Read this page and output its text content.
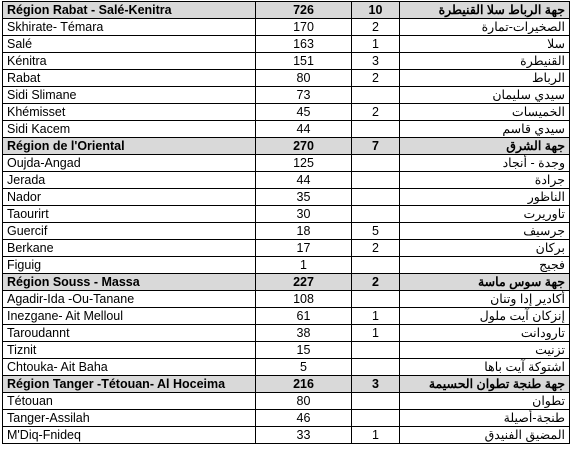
Région Rabat - Salé-Kenitra	726	10	جهة الرباط سلا القنيطرة
Skhirate- Témara	170	2	الصخيرات-تمارة
Salé	163	1	سلا
Kénitra	151	3	القنيطرة
Rabat	80	2	الرباط
Sidi Slimane	73		سيدي سليمان
Khémisset	45	2	الخميسات
Sidi Kacem	44		سيدي قاسم
Région de l'Oriental	270	7	جهة الشرق
Oujda-Angad	125		وجدة - أنجاد
Jerada	44		جرادة
Nador	35		الناظور
Taourirt	30		تاوريرت
Guercif	18	5	جرسيف
Berkane	17	2	بركان
Figuig	1		فجيج
Région Souss - Massa	227	2	جهة سوس ماسة
Agadir-Ida -Ou-Tanane	108		أكادير إدا وتنان
Inezgane- Ait Melloul	61	1	إنزكان آيت ملول
Taroudannt	38	1	تارودانت
Tiznit	15		تزنيت
Chtouka- Ait Baha	5		اشتوكة آيت باها
Région Tanger -Tétouan- Al Hoceima	216	3	جهة طنجة تطوان الحسيمة
Tétouan	80		تطوان
Tanger-Assilah	46		طنجة-أصيلة
M'Diq-Fnideq	33	1	المضيق الفنيدق
